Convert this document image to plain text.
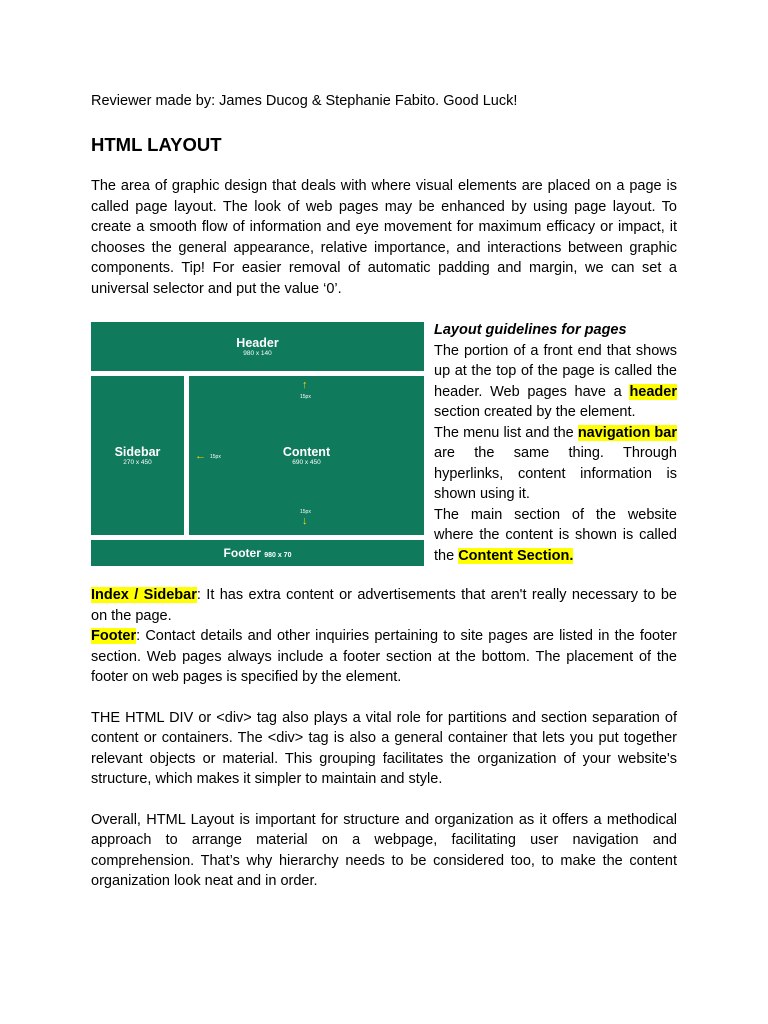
Reviewer made by: James Ducog & Stephanie Fabito. Good Luck!

HTML LAYOUT

The area of graphic design that deals with where visual elements are placed on a page is called page layout. The look of web pages may be enhanced by using page layout. To create a smooth flow of information and eye movement for maximum efficacy or impact, it chooses the general appearance, relative importance, and interactions between graphic components. Tip! For easier removal of automatic padding and margin, we can set a universal selector and put the value ‘0’.

Header
980 x 140
Sidebar
270 x 450
Content
690 x 450
↑
15px
← 15px
15px
↓
Footer 980 x 70

Layout guidelines for pages

The portion of a front end that shows up at the top of the page is called the header. Web pages have a header section created by the element.

The menu list and the navigation bar are the same thing. Through hyperlinks, content information is shown using it.

The main section of the website where the content is shown is called the Content Section.

Index / Sidebar: It has extra content or advertisements that aren't really necessary to be on the page.

Footer: Contact details and other inquiries pertaining to site pages are listed in the footer section. Web pages always include a footer section at the bottom. The placement of the footer on web pages is specified by the element.

THE HTML DIV or <div> tag also plays a vital role for partitions and section separation of content or containers. The <div> tag is also a general container that lets you put together relevant objects or material. This grouping facilitates the organization of your website's structure, which makes it simpler to maintain and style.

Overall, HTML Layout is important for structure and organization as it offers a methodical approach to arrange material on a webpage, facilitating user navigation and comprehension. That’s why hierarchy needs to be considered too, to make the content organization look neat and in order.
